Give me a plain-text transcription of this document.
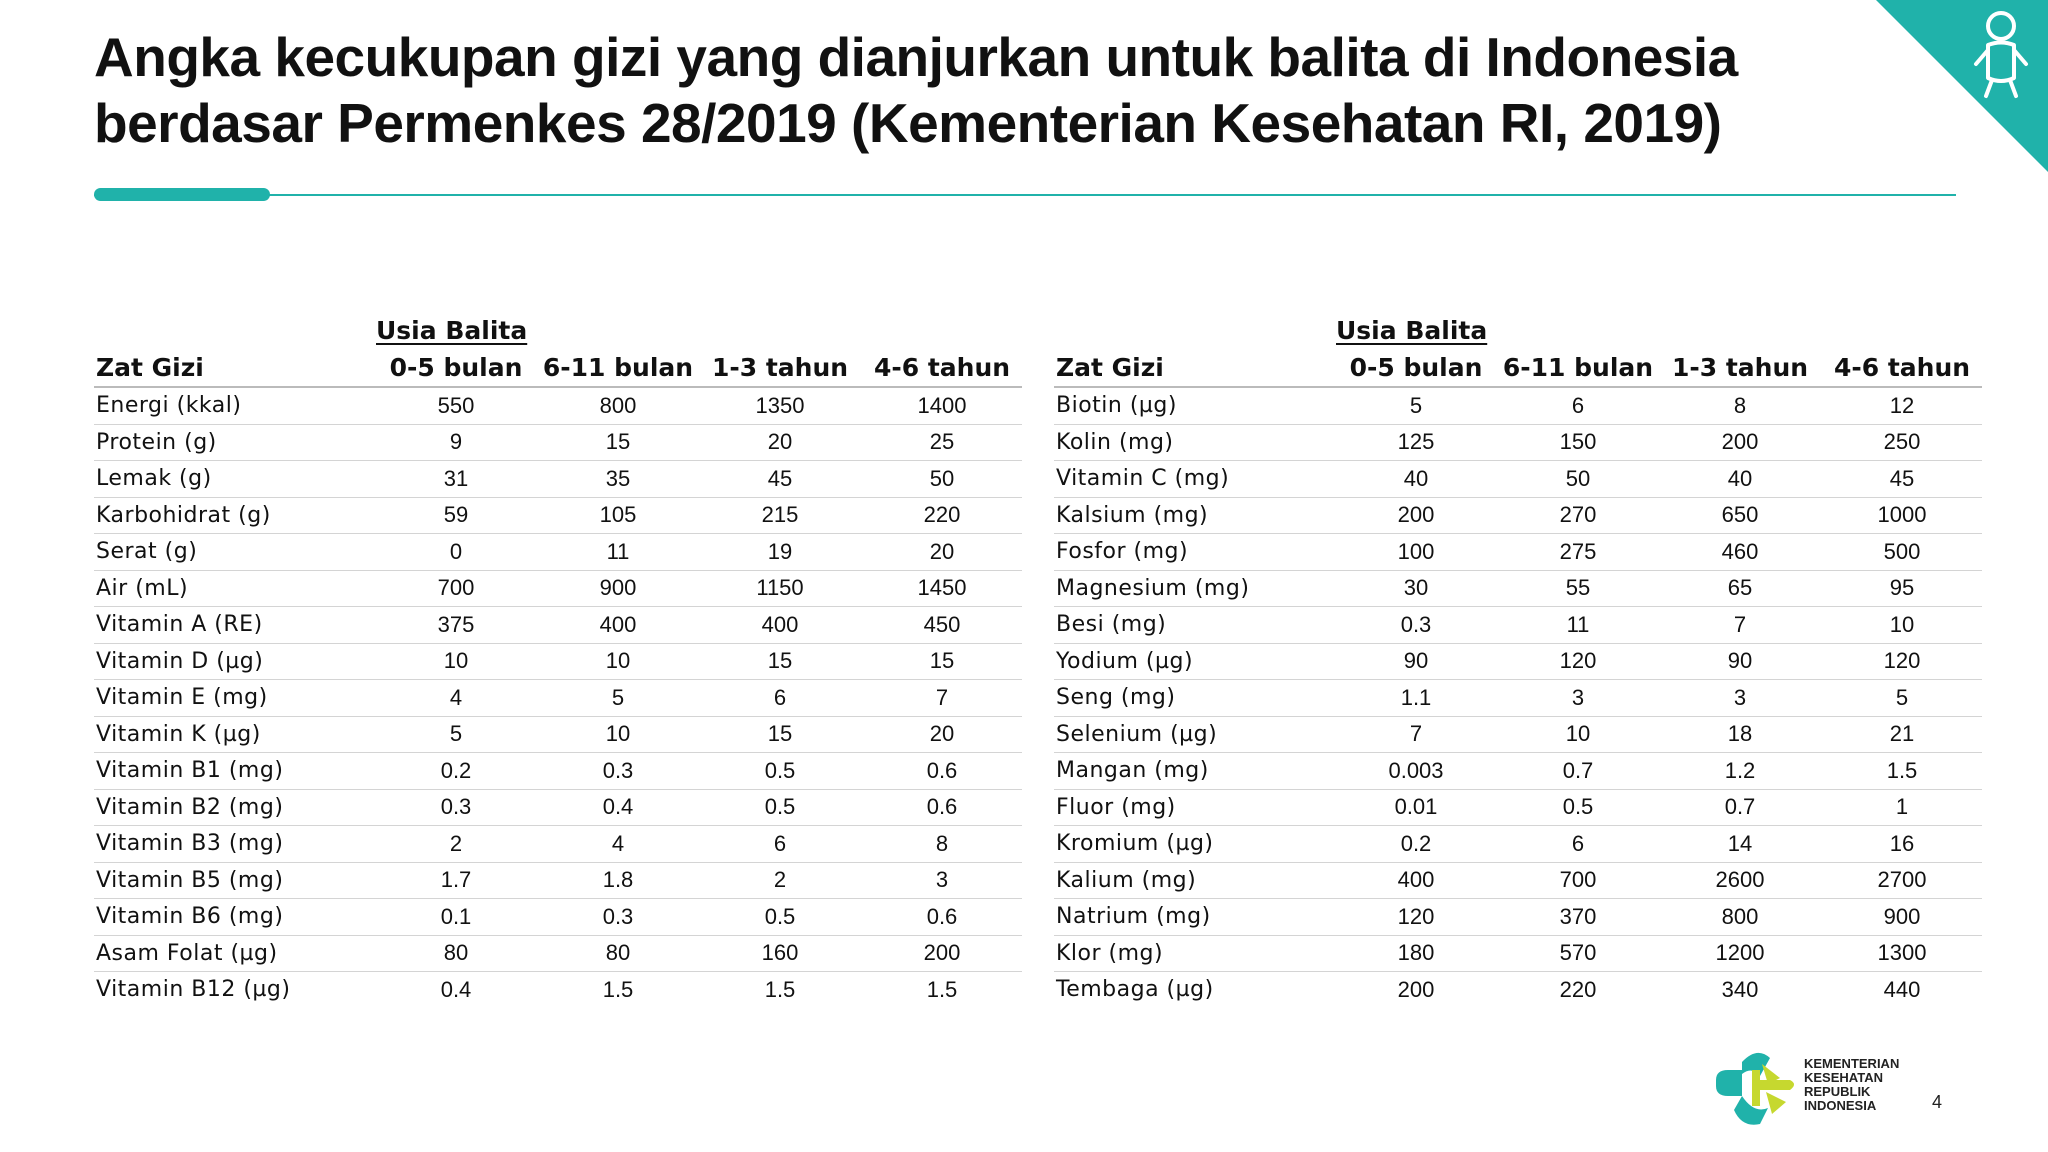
Angka kecukupan gizi yang dianjurkan untuk balita di Indonesia
berdasar Permenkes 28/2019 (Kementerian Kesehatan RI, 2019)
Usia Balita
Zat Gizi	0-5 bulan	6-11 bulan	1-3 tahun	4-6 tahun
Energi (kkal)	550	800	1350	1400
Protein (g)	9	15	20	25
Lemak (g)	31	35	45	50
Karbohidrat (g)	59	105	215	220
Serat (g)	0	11	19	20
Air (mL)	700	900	1150	1450
Vitamin A (RE)	375	400	400	450
Vitamin D (µg)	10	10	15	15
Vitamin E (mg)	4	5	6	7
Vitamin K (µg)	5	10	15	20
Vitamin B1 (mg)	0.2	0.3	0.5	0.6
Vitamin B2 (mg)	0.3	0.4	0.5	0.6
Vitamin B3 (mg)	2	4	6	8
Vitamin B5 (mg)	1.7	1.8	2	3
Vitamin B6 (mg)	0.1	0.3	0.5	0.6
Asam Folat (µg)	80	80	160	200
Vitamin B12 (µg)	0.4	1.5	1.5	1.5
Usia Balita
Zat Gizi	0-5 bulan	6-11 bulan	1-3 tahun	4-6 tahun
Biotin (µg)	5	6	8	12
Kolin (mg)	125	150	200	250
Vitamin C (mg)	40	50	40	45
Kalsium (mg)	200	270	650	1000
Fosfor (mg)	100	275	460	500
Magnesium (mg)	30	55	65	95
Besi (mg)	0.3	11	7	10
Yodium (µg)	90	120	90	120
Seng (mg)	1.1	3	3	5
Selenium (µg)	7	10	18	21
Mangan (mg)	0.003	0.7	1.2	1.5
Fluor (mg)	0.01	0.5	0.7	1
Kromium (µg)	0.2	6	14	16
Kalium (mg)	400	700	2600	2700
Natrium (mg)	120	370	800	900
Klor (mg)	180	570	1200	1300
Tembaga (µg)	200	220	340	440
KEMENTERIAN
KESEHATAN
REPUBLIK
INDONESIA	4
